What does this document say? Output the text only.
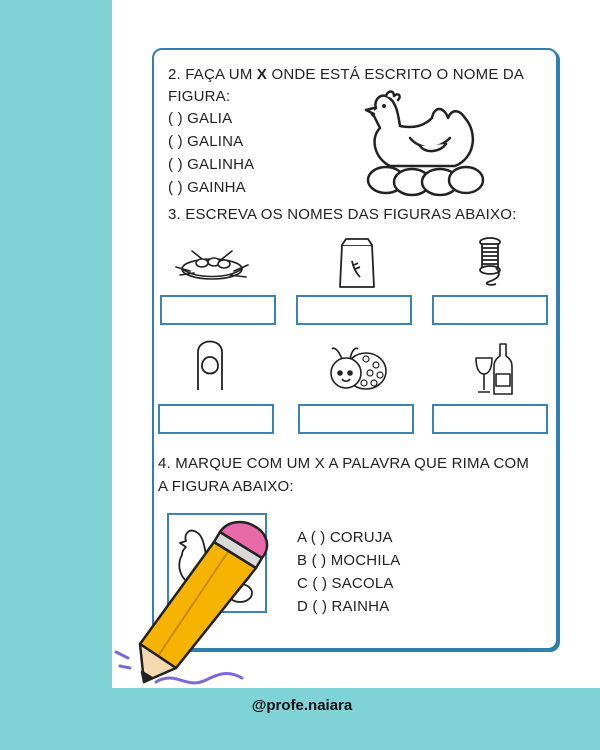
2. FAÇA UM X ONDE ESTÁ ESCRITO O NOME DA
FIGURA:
( ) GALIA
( ) GALINA
( ) GALINHA
( ) GAINHA
3. ESCREVA OS NOMES DAS FIGURAS ABAIXO:
4. MARQUE COM UM X A PALAVRA QUE RIMA COM
A FIGURA ABAIXO:
A ( ) CORUJA
B ( ) MOCHILA
C ( ) SACOLA
D ( ) RAINHA
@profe.naiara
